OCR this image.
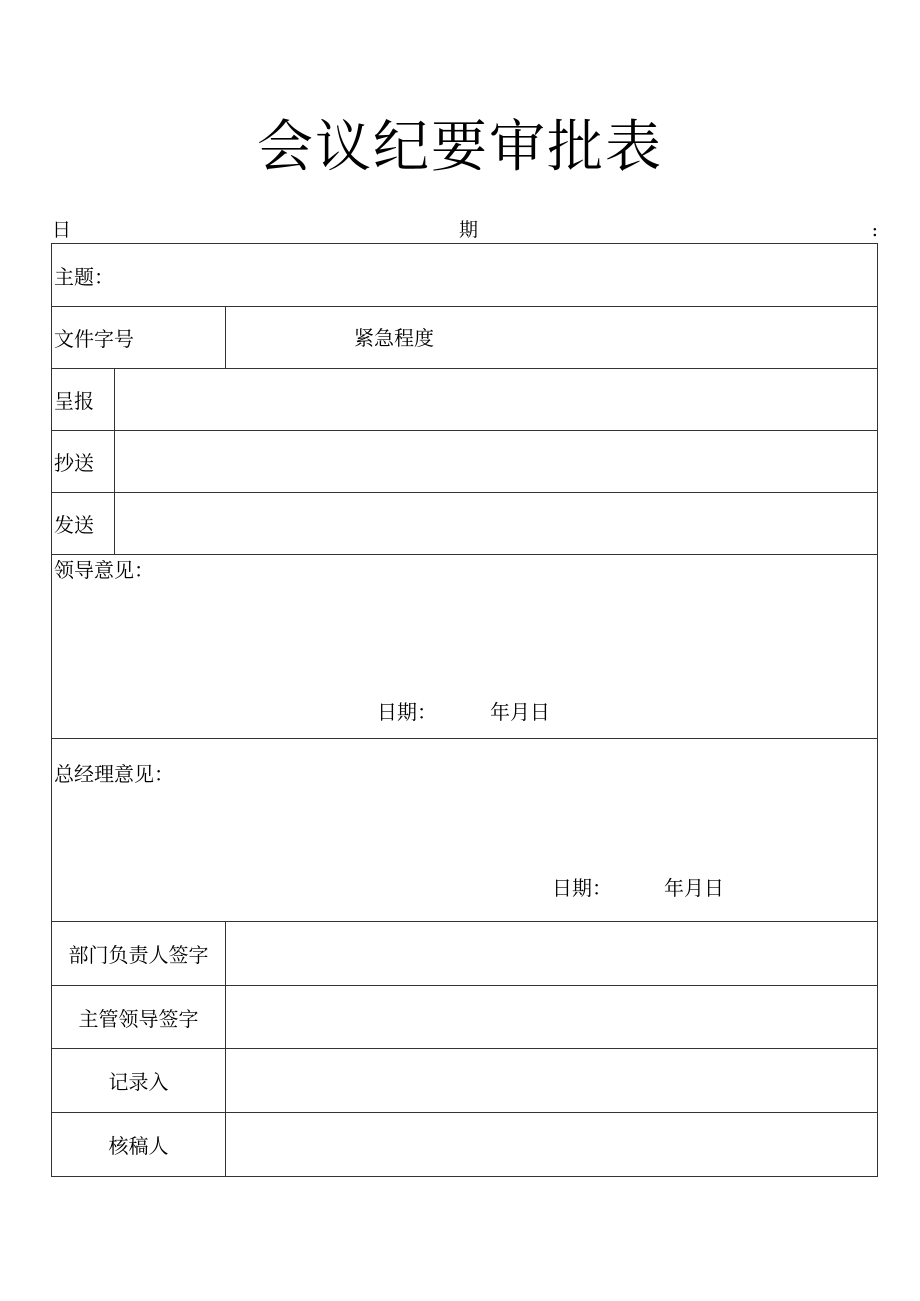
会议纪要审批表
日	期	:
主题：
文件字号	紧急程度
呈报
抄送
发送
领导意见：
日期：	年月日
总经理意见：
日期：	年月日
部门负责人签字
主管领导签字
记录入
核稿人
